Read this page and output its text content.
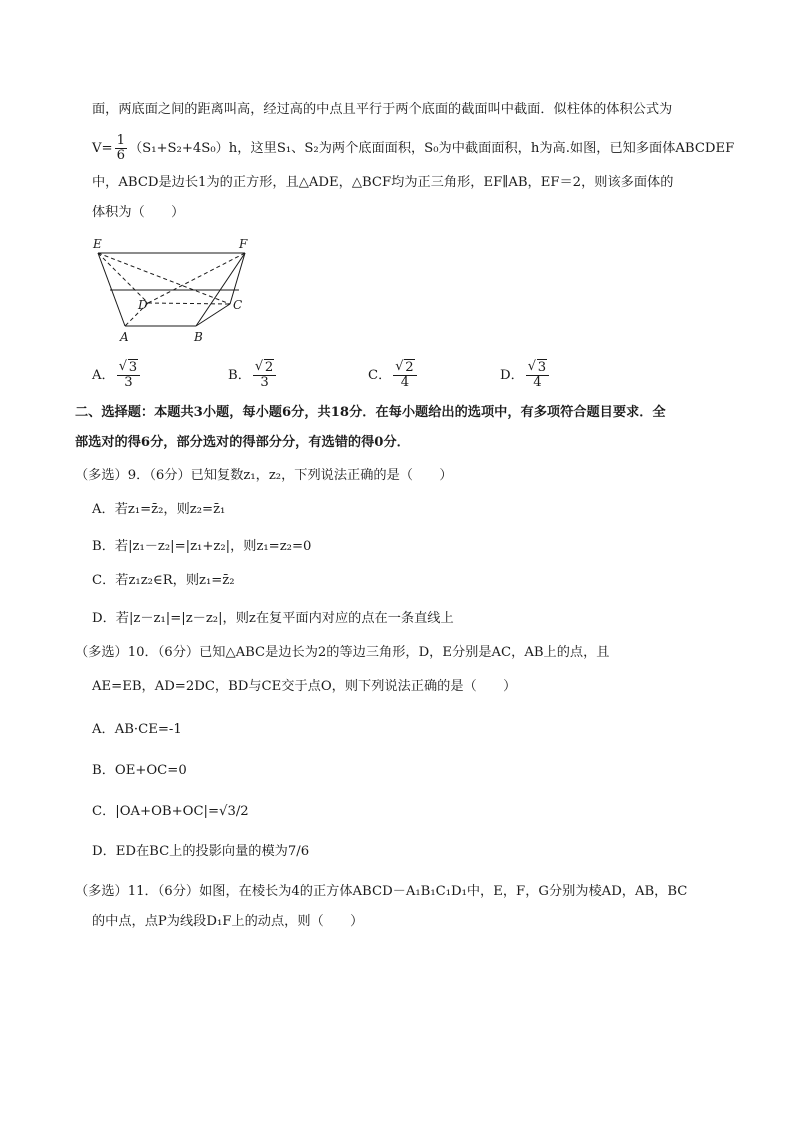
面，两底面之间的距离叫高，经过高的中点且平行于两个底面的截面叫中截面．似柱体的体积公式为
$V= \frac{1}{6} (S_1+S_2+4S_0)h$，这里S₁、S₂为两个底面面积，S₀为中截面面积，h为高.如图，已知多面体ABCDEF
中，ABCD是边长1为的正方形，且△ADE，△BCF均为正三角形，EF∥AB，EF＝2，则该多面体的
体积为（　　）
E	F
D	C
A	B
A． √ $\frac{3}{3}$	B． √ $\frac{2}{3}$	C． √ $\frac{2}{4}$	D． √ $\frac{3}{4}$
二、选择题：本题共3小题，每小题6分，共18分．在每小题给出的选项中，有多项符合题目要求．全
部选对的得6分，部分选对的得部分分，有选错的得0分．
（多选）9．（6分）已知复数z₁，z₂，下列说法正确的是（　　）
A．若z₁=z̄₂，则z₂=z̄₁
B．若|z₁－z₂|=|z₁+z₂|，则z₁=z₂=0
C．若z₁z₂∈R，则z₁=z̄₂
D．若|z－z₁|=|z－z₂|，则z在复平面内对应的点在一条直线上
（多选）10．（6分）已知△ABC是边长为2的等边三角形，D，E分别是AC，AB上的点，且
AE=EB，AD=2DC，BD与CE交于点O，则下列说法正确的是（　　）
A．AB·CE=-1
B．OE+OC=0
C．|OA+OB+OC|=√3/2
D．ED在BC上的投影向量的模为7/6
（多选）11．（6分）如图，在棱长为4的正方体ABCD－A₁B₁C₁D₁中，E，F，G分别为棱AD，AB，BC
的中点，点P为线段D₁F上的动点，则（　　）
